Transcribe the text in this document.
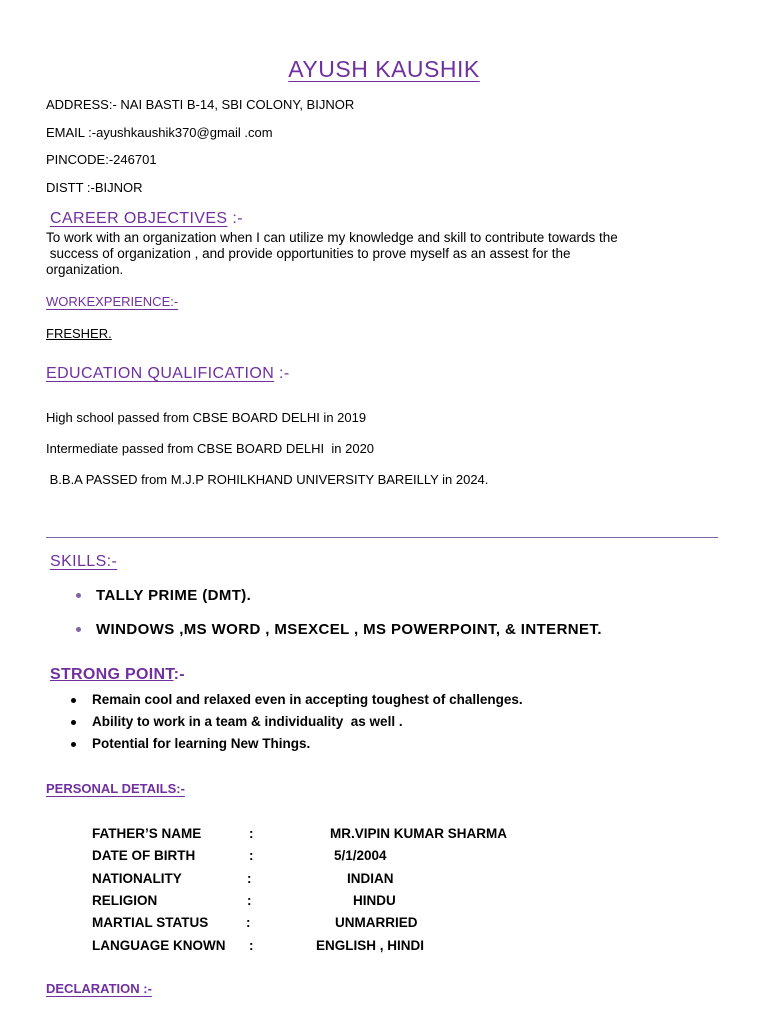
AYUSH KAUSHIK
ADDRESS:- NAI BASTI B-14, SBI COLONY, BIJNOR
EMAIL :-ayushkaushik370@gmail .com
PINCODE:-246701
DISTT :-BIJNOR
CAREER OBJECTIVES :-
To work with an organization when I can utilize my knowledge and skill to contribute towards the
success of organization , and provide opportunities to prove myself as an assest for the
organization.
WORKEXPERIENCE:-
FRESHER.
EDUCATION QUALIFICATION :-
High school passed from CBSE BOARD DELHI in 2019
Intermediate passed from CBSE BOARD DELHI  in 2020
B.B.A PASSED from M.J.P ROHILKHAND UNIVERSITY BAREILLY in 2024.
SKILLS:-
TALLY PRIME (DMT).
WINDOWS ,MS WORD , MSEXCEL , MS POWERPOINT, & INTERNET.
STRONG POINT:-
Remain cool and relaxed even in accepting toughest of challenges.
Ability to work in a team & individuality  as well .
Potential for learning New Things.
PERSONAL DETAILS:-
FATHER’S NAME	:	MR.VIPIN KUMAR SHARMA
DATE OF BIRTH	:	5/1/2004
NATIONALITY	:	INDIAN
RELIGION	:	HINDU
MARTIAL STATUS	:	UNMARRIED
LANGUAGE KNOWN :	ENGLISH , HINDI
DECLARATION :-
